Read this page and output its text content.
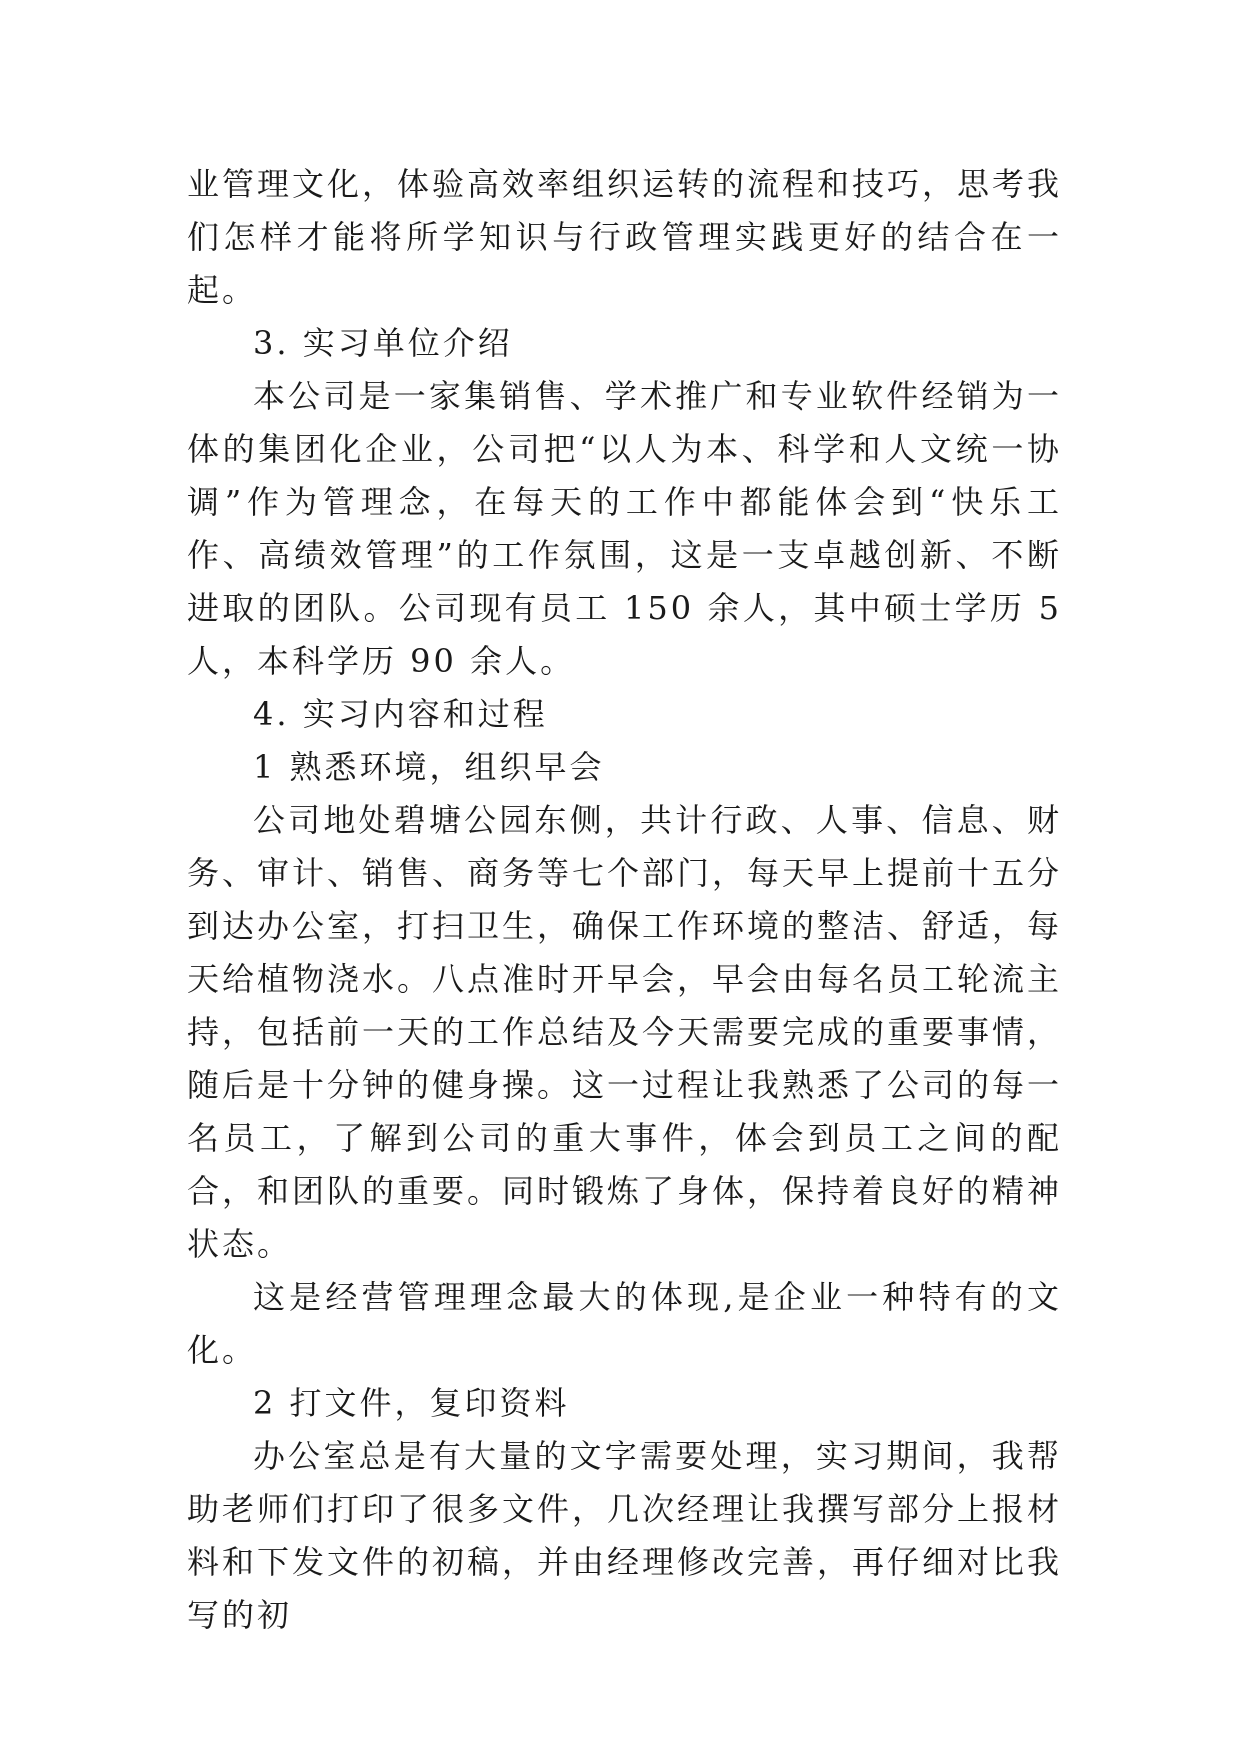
业管理文化，体验高效率组织运转的流程和技巧，思考我们怎样才能将所学知识与行政管理实践更好的结合在一起。

3. 实习单位介绍

本公司是一家集销售、学术推广和专业软件经销为一体的集团化企业，公司把“以人为本、科学和人文统一协调”作为管理念，在每天的工作中都能体会到“快乐工作、高绩效管理”的工作氛围，这是一支卓越创新、不断进取的团队。公司现有员工 150 余人，其中硕士学历 5 人，本科学历 90 余人。

4. 实习内容和过程

1 熟悉环境，组织早会

公司地处碧塘公园东侧，共计行政、人事、信息、财务、审计、销售、商务等七个部门，每天早上提前十五分到达办公室，打扫卫生，确保工作环境的整洁、舒适，每天给植物浇水。八点准时开早会，早会由每名员工轮流主持，包括前一天的工作总结及今天需要完成的重要事情，随后是十分钟的健身操。这一过程让我熟悉了公司的每一名员工，了解到公司的重大事件，体会到员工之间的配合，和团队的重要。同时锻炼了身体，保持着良好的精神状态。

这是经营管理理念最大的体现,是企业一种特有的文化。

2 打文件，复印资料

办公室总是有大量的文字需要处理，实习期间，我帮助老师们打印了很多文件，几次经理让我撰写部分上报材料和下发文件的初稿，并由经理修改完善，再仔细对比我写的初
